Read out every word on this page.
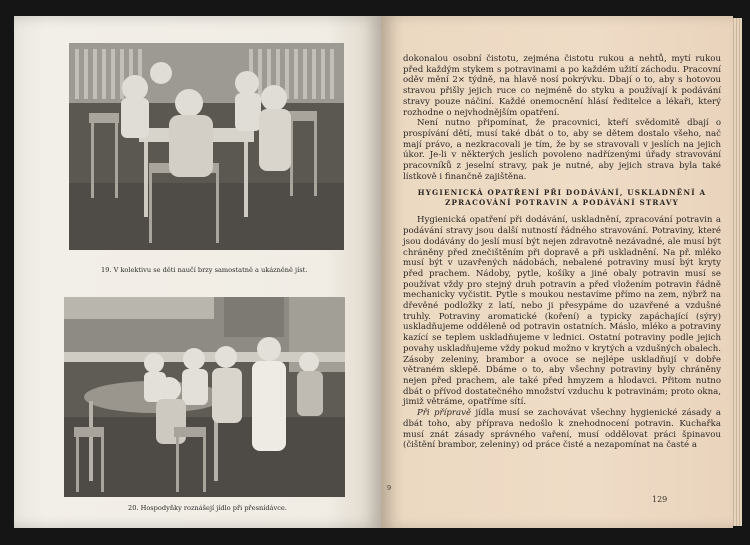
19. V kolektivu se děti naučí brzy samostatně a ukázněně jíst.
20. Hospodyňky roznášejí jídlo při přesnídávce.

dokonalou osobní čistotu, zejména čistotu rukou a nehtů, mytí rukou před každým stykem s potravinami a po každém užití záchodu. Pracovní oděv mění 2× týdně, na hlavě nosí pokrývku. Dbají o to, aby s hotovou stravou přišly jejich ruce co nejméně do styku a používají k podávání stravy pouze náčiní. Každé onemocnění hlásí ředitelce a lékaři, který rozhodne o nejvhodnějším opatření.

Není nutno připomínat, že pracovnici, kteří svědomitě dbají o prospívání dětí, musí také dbát o to, aby se dětem dostalo všeho, nač mají právo, a nezkracovali je tím, že by se stravovali v jeslích na jejich úkor. Je-li v některých jeslích povoleno nadřízenými úřady stravování pracovníků z jeselní stravy, pak je nutné, aby jejich strava byla také lístkově i finančně zajištěna.

HYGIENICKÁ OPATŘENÍ PŘI DODÁVÁNÍ, USKLADNĚNÍ A ZPRACOVÁNÍ POTRAVIN A PODÁVÁNÍ STRAVY

Hygienická opatření při dodávání, uskladnění, zpracování potravin a podávání stravy jsou další nutností řádného stravování. Potraviny, které jsou dodávány do jeslí musí být nejen zdravotně nezávadné, ale musí být chráněny před znečištěním při dopravě a při uskladnění. Na př. mléko musí být v uzavřených nádobách, nebalené potraviny musí být kryty před prachem. Nádoby, pytle, košíky a jiné obaly potravin musí se používat vždy pro stejný druh potravin a před vložením potravin řádně mechanicky vyčistit. Pytle s moukou nestavíme přímo na zem, nýbrž na dřevěné podložky z latí, nebo ji přesypáme do uzavřené a vzdušné truhly. Potraviny aromatické (koření) a typicky zapáchající (sýry) uskladňujeme odděleně od potravin ostatních. Máslo, mléko a potraviny kazící se teplem uskladňujeme v lednici. Ostatní potraviny podle jejich povahy uskladňujeme vždy pokud možno v krytých a vzdušných obalech. Zásoby zeleniny, brambor a ovoce se nejlépe uskladňují v dobře větraném sklepě. Dbáme o to, aby všechny potraviny byly chráněny nejen před prachem, ale také před hmyzem a hlodavci. Přitom nutno dbát o přívod dostatečného množství vzduchu k potravinám; proto okna, jimiž větráme, opatříme sítí.

Při přípravě jídla musí se zachovávat všechny hygienické zásady a dbát toho, aby příprava nedošlo k znehodnocení potravin. Kuchařka musí znát zásady správného vaření, musí oddělovat práci špinavou (čištění brambor, zeleniny) od práce čisté a nezapomínat na časté a

9
129
